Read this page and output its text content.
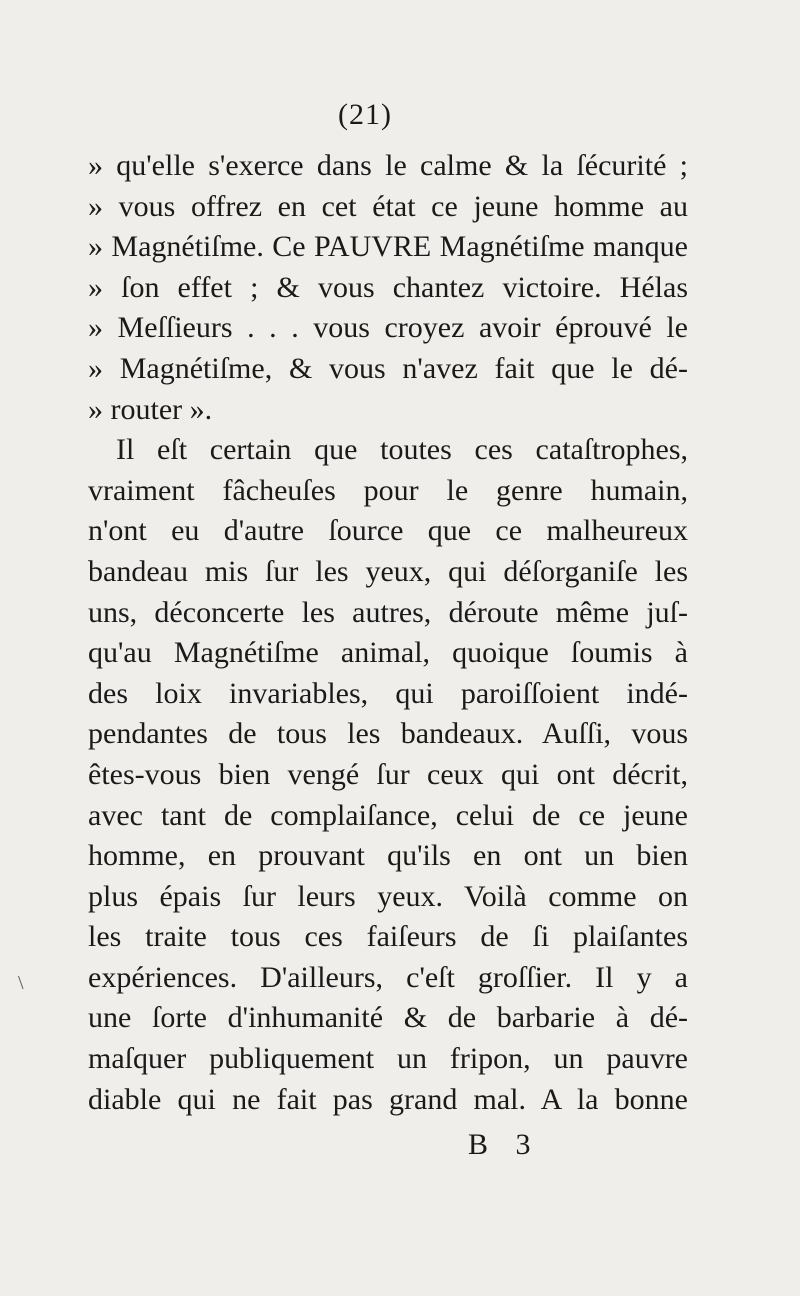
(21)
» qu'elle s'exerce dans le calme & la ſécurité ;
» vous offrez en cet état ce jeune homme au
» Magnétiſme. Ce PAUVRE Magnétiſme manque
» ſon effet ; & vous chantez victoire. Hélas
» Meſſieurs . . . vous croyez avoir éprouvé le
» Magnétiſme, & vous n'avez fait que le dé-
» router ».
Il eſt certain que toutes ces cataſtrophes,
vraiment fâcheuſes pour le genre humain,
n'ont eu d'autre ſource que ce malheureux
bandeau mis ſur les yeux, qui déſorganiſe les
uns, déconcerte les autres, déroute même juſ-
qu'au Magnétiſme animal, quoique ſoumis à
des loix invariables, qui paroiſſoient indé-
pendantes de tous les bandeaux. Auſſi, vous
êtes-vous bien vengé ſur ceux qui ont décrit,
avec tant de complaiſance, celui de ce jeune
homme, en prouvant qu'ils en ont un bien
plus épais ſur leurs yeux. Voilà comme on
les traite tous ces faiſeurs de ſi plaiſantes
expériences. D'ailleurs, c'eſt groſſier. Il y a
une ſorte d'inhumanité & de barbarie à dé-
maſquer publiquement un fripon, un pauvre
diable qui ne fait pas grand mal. A la bonne
\
B 3
